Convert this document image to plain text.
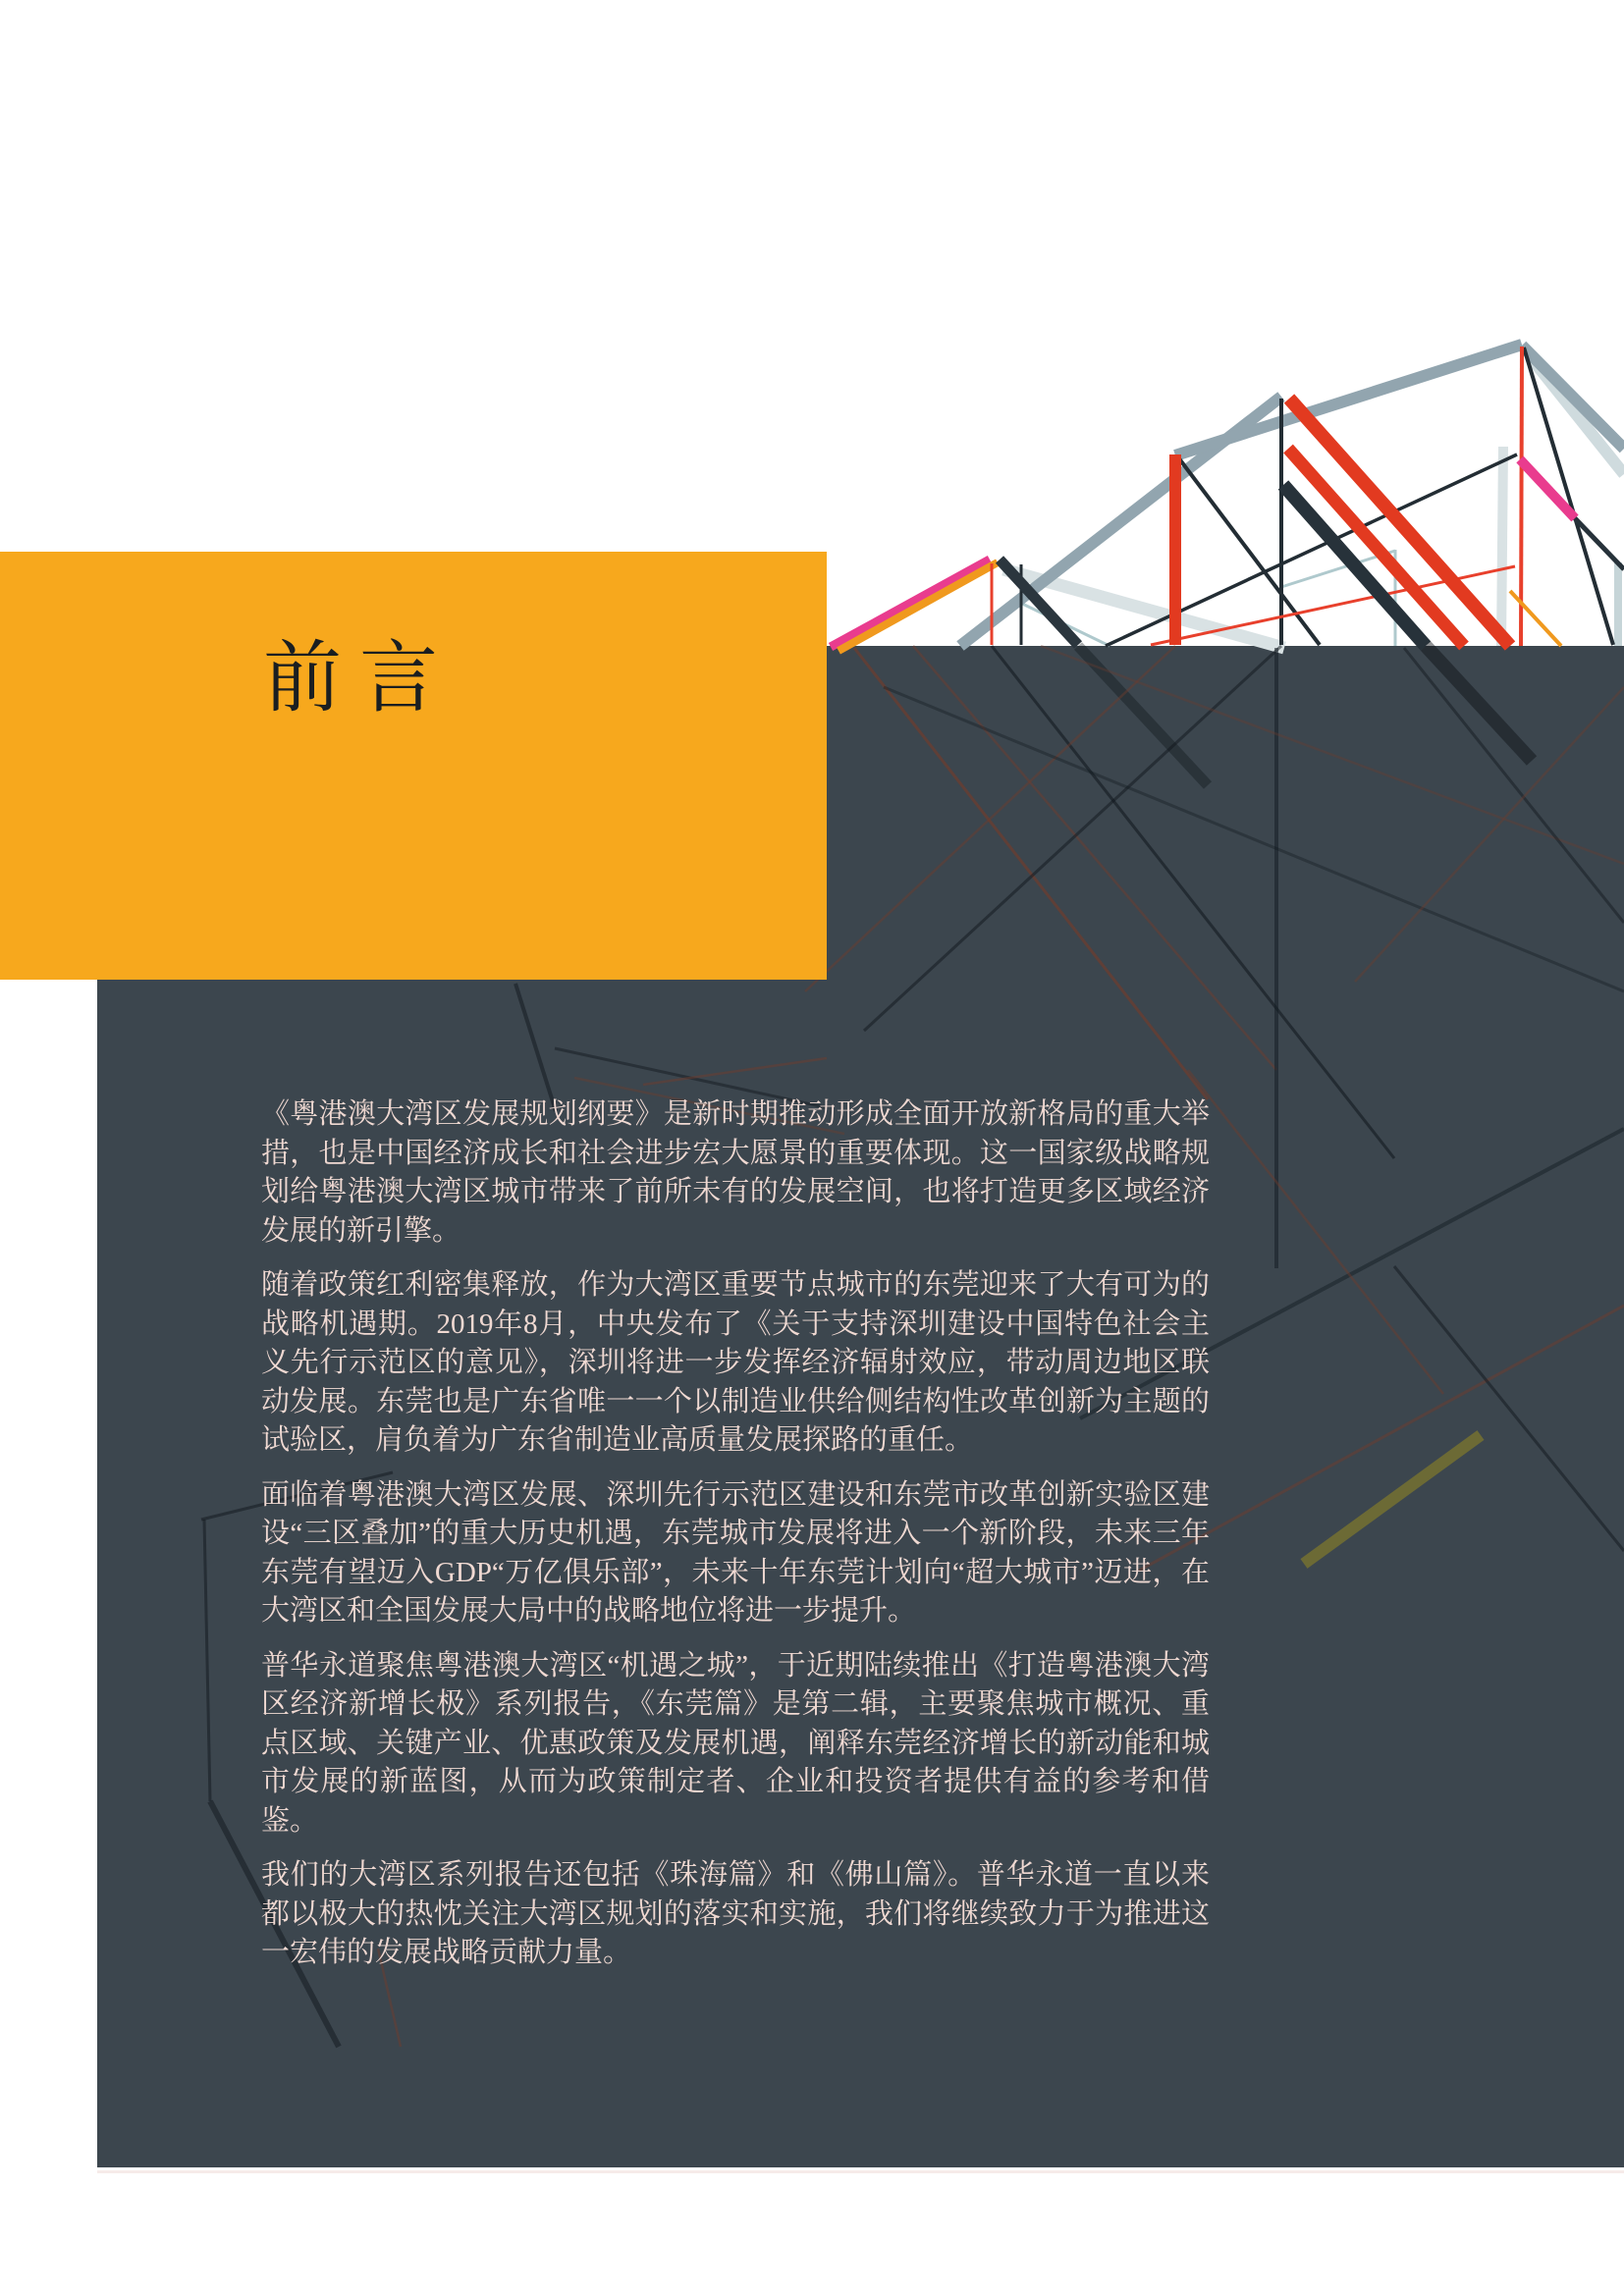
前言

《粤港澳大湾区发展规划纲要》是新时期推动形成全面开放新格局的重大举措，也是中国经济成长和社会进步宏大愿景的重要体现。这一国家级战略规划给粤港澳大湾区城市带来了前所未有的发展空间，也将打造更多区域经济发展的新引擎。

随着政策红利密集释放，作为大湾区重要节点城市的东莞迎来了大有可为的战略机遇期。2019年8月，中央发布了《关于支持深圳建设中国特色社会主义先行示范区的意见》，深圳将进一步发挥经济辐射效应，带动周边地区联动发展。东莞也是广东省唯一一个以制造业供给侧结构性改革创新为主题的试验区，肩负着为广东省制造业高质量发展探路的重任。

面临着粤港澳大湾区发展、深圳先行示范区建设和东莞市改革创新实验区建设“三区叠加”的重大历史机遇，东莞城市发展将进入一个新阶段，未来三年东莞有望迈入GDP“万亿俱乐部”，未来十年东莞计划向“超大城市”迈进，在大湾区和全国发展大局中的战略地位将进一步提升。

普华永道聚焦粤港澳大湾区“机遇之城”，于近期陆续推出《打造粤港澳大湾区经济新增长极》系列报告，《东莞篇》是第二辑，主要聚焦城市概况、重点区域、关键产业、优惠政策及发展机遇，阐释东莞经济增长的新动能和城市发展的新蓝图，从而为政策制定者、企业和投资者提供有益的参考和借鉴。

我们的大湾区系列报告还包括《珠海篇》和《佛山篇》。普华永道一直以来都以极大的热忱关注大湾区规划的落实和实施，我们将继续致力于为推进这一宏伟的发展战略贡献力量。
